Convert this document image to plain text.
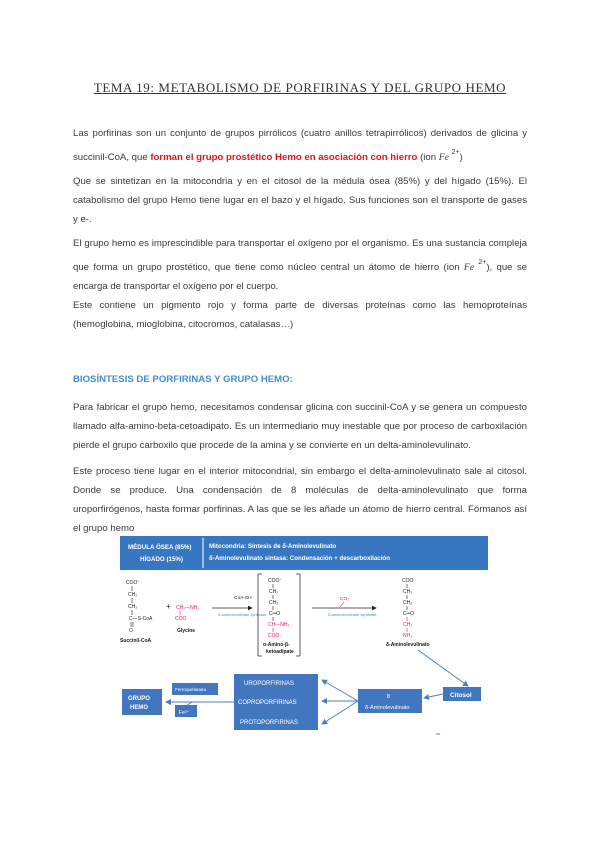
TEMA 19: METABOLISMO DE PORFIRINAS Y DEL GRUPO HEMO

Las porfirinas son un conjunto de grupos pirrólicos (cuatro anillos tetrapirrólicos) derivados de glicina y succinil-CoA, que forman el grupo prostético Hemo en asociación con hierro (ion Fe $^{2+}$)

Que se sintetizan en la mitocondria y en el citosol de la médula ósea (85%) y del hígado (15%). El catabolismo del grupo Hemo tiene lugar en el bazo y el hígado. Sus funciones son el transporte de gases y e-.

El grupo hemo es imprescindible para transportar el oxígeno por el organismo. Es una sustancia compleja que forma un grupo prostético, que tiene como núcleo central un átomo de hierro (ion Fe $^{2+}$), que se encarga de transportar el oxígeno por el cuerpo.

Este contiene un pigmento rojo y forma parte de diversas proteínas como las hemoproteínas (hemoglobina, mioglobina, citocromos, catalasas…)

BIOSÍNTESIS DE PORFIRINAS Y GRUPO HEMO:

Para fabricar el grupo hemo, necesitamos condensar glicina con succinil-CoA y se genera un compuesto llamado alfa-amino-beta-cetoadipato. Es un intermediario muy inestable que por proceso de carboxilación pierde el grupo carboxilo que procede de la amina y se convierte en un delta-aminolevulinato.

Este proceso tiene lugar en el interior mitocondrial, sin embargo el delta-aminolevulinato sale al citosol. Donde se produce. Una condensación de 8 moléculas de delta-aminolevulinato que forma uroporfirógenos, hasta formar porfirinas. A las que se les añade un átomo de hierro central. Fórmanos así el grupo hemo

MÉDULA ÓSEA (85%)
HÍGADO (15%)
Mitocondria: Síntesis de δ-Aminolevulinato
δ-Aminolevulinato sintasa: Condensación + descarboxilación
COO⁻
CH₂
CH₂
C—S-CoA
O
Succinil-CoA
+ CH₂—NH₃
COO
Glycine
CoA-SH
δ-aminolevulinate synthase
COO⁻
CH₂
CH₂
C═O
CH—NH₃
COO⁻
α-Amino-β-
ketoadipate
CO₂
δ-aminolevulinate synthase
COO⁻
CH₂
CH₂
C═O
CH₂
NH₃
δ-Aminolevulinato
Citosol
UROPORFIRINAS
COPROPORFIRINAS
PROTOPORFIRINAS
8
δ-Aminolevulinato
GRUPO
HEMO
Ferroquelatasa
Fe²⁺
